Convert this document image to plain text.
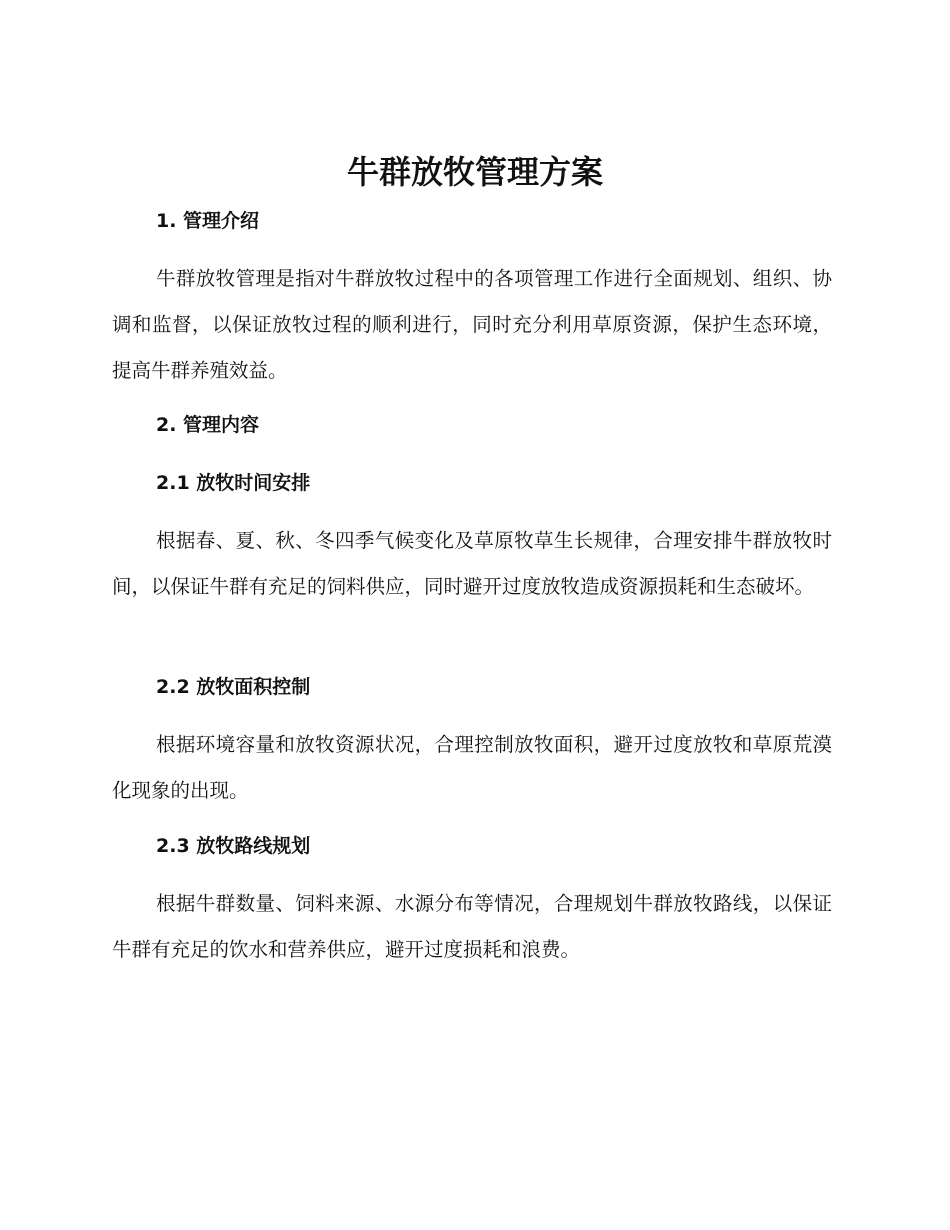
牛群放牧管理方案
1. 管理介绍

牛群放牧管理是指对牛群放牧过程中的各项管理工作进行全面规划、组织、协调和监督，以保证放牧过程的顺利进行，同时充分利用草原资源，保护生态环境，提高牛群养殖效益。

2. 管理内容
2.1 放牧时间安排

根据春、夏、秋、冬四季气候变化及草原牧草生长规律，合理安排牛群放牧时间，以保证牛群有充足的饲料供应，同时避开过度放牧造成资源损耗和生态破坏。

2.2 放牧面积控制

根据环境容量和放牧资源状况，合理控制放牧面积，避开过度放牧和草原荒漠化现象的出现。

2.3 放牧路线规划

根据牛群数量、饲料来源、水源分布等情况，合理规划牛群放牧路线，以保证牛群有充足的饮水和营养供应，避开过度损耗和浪费。
